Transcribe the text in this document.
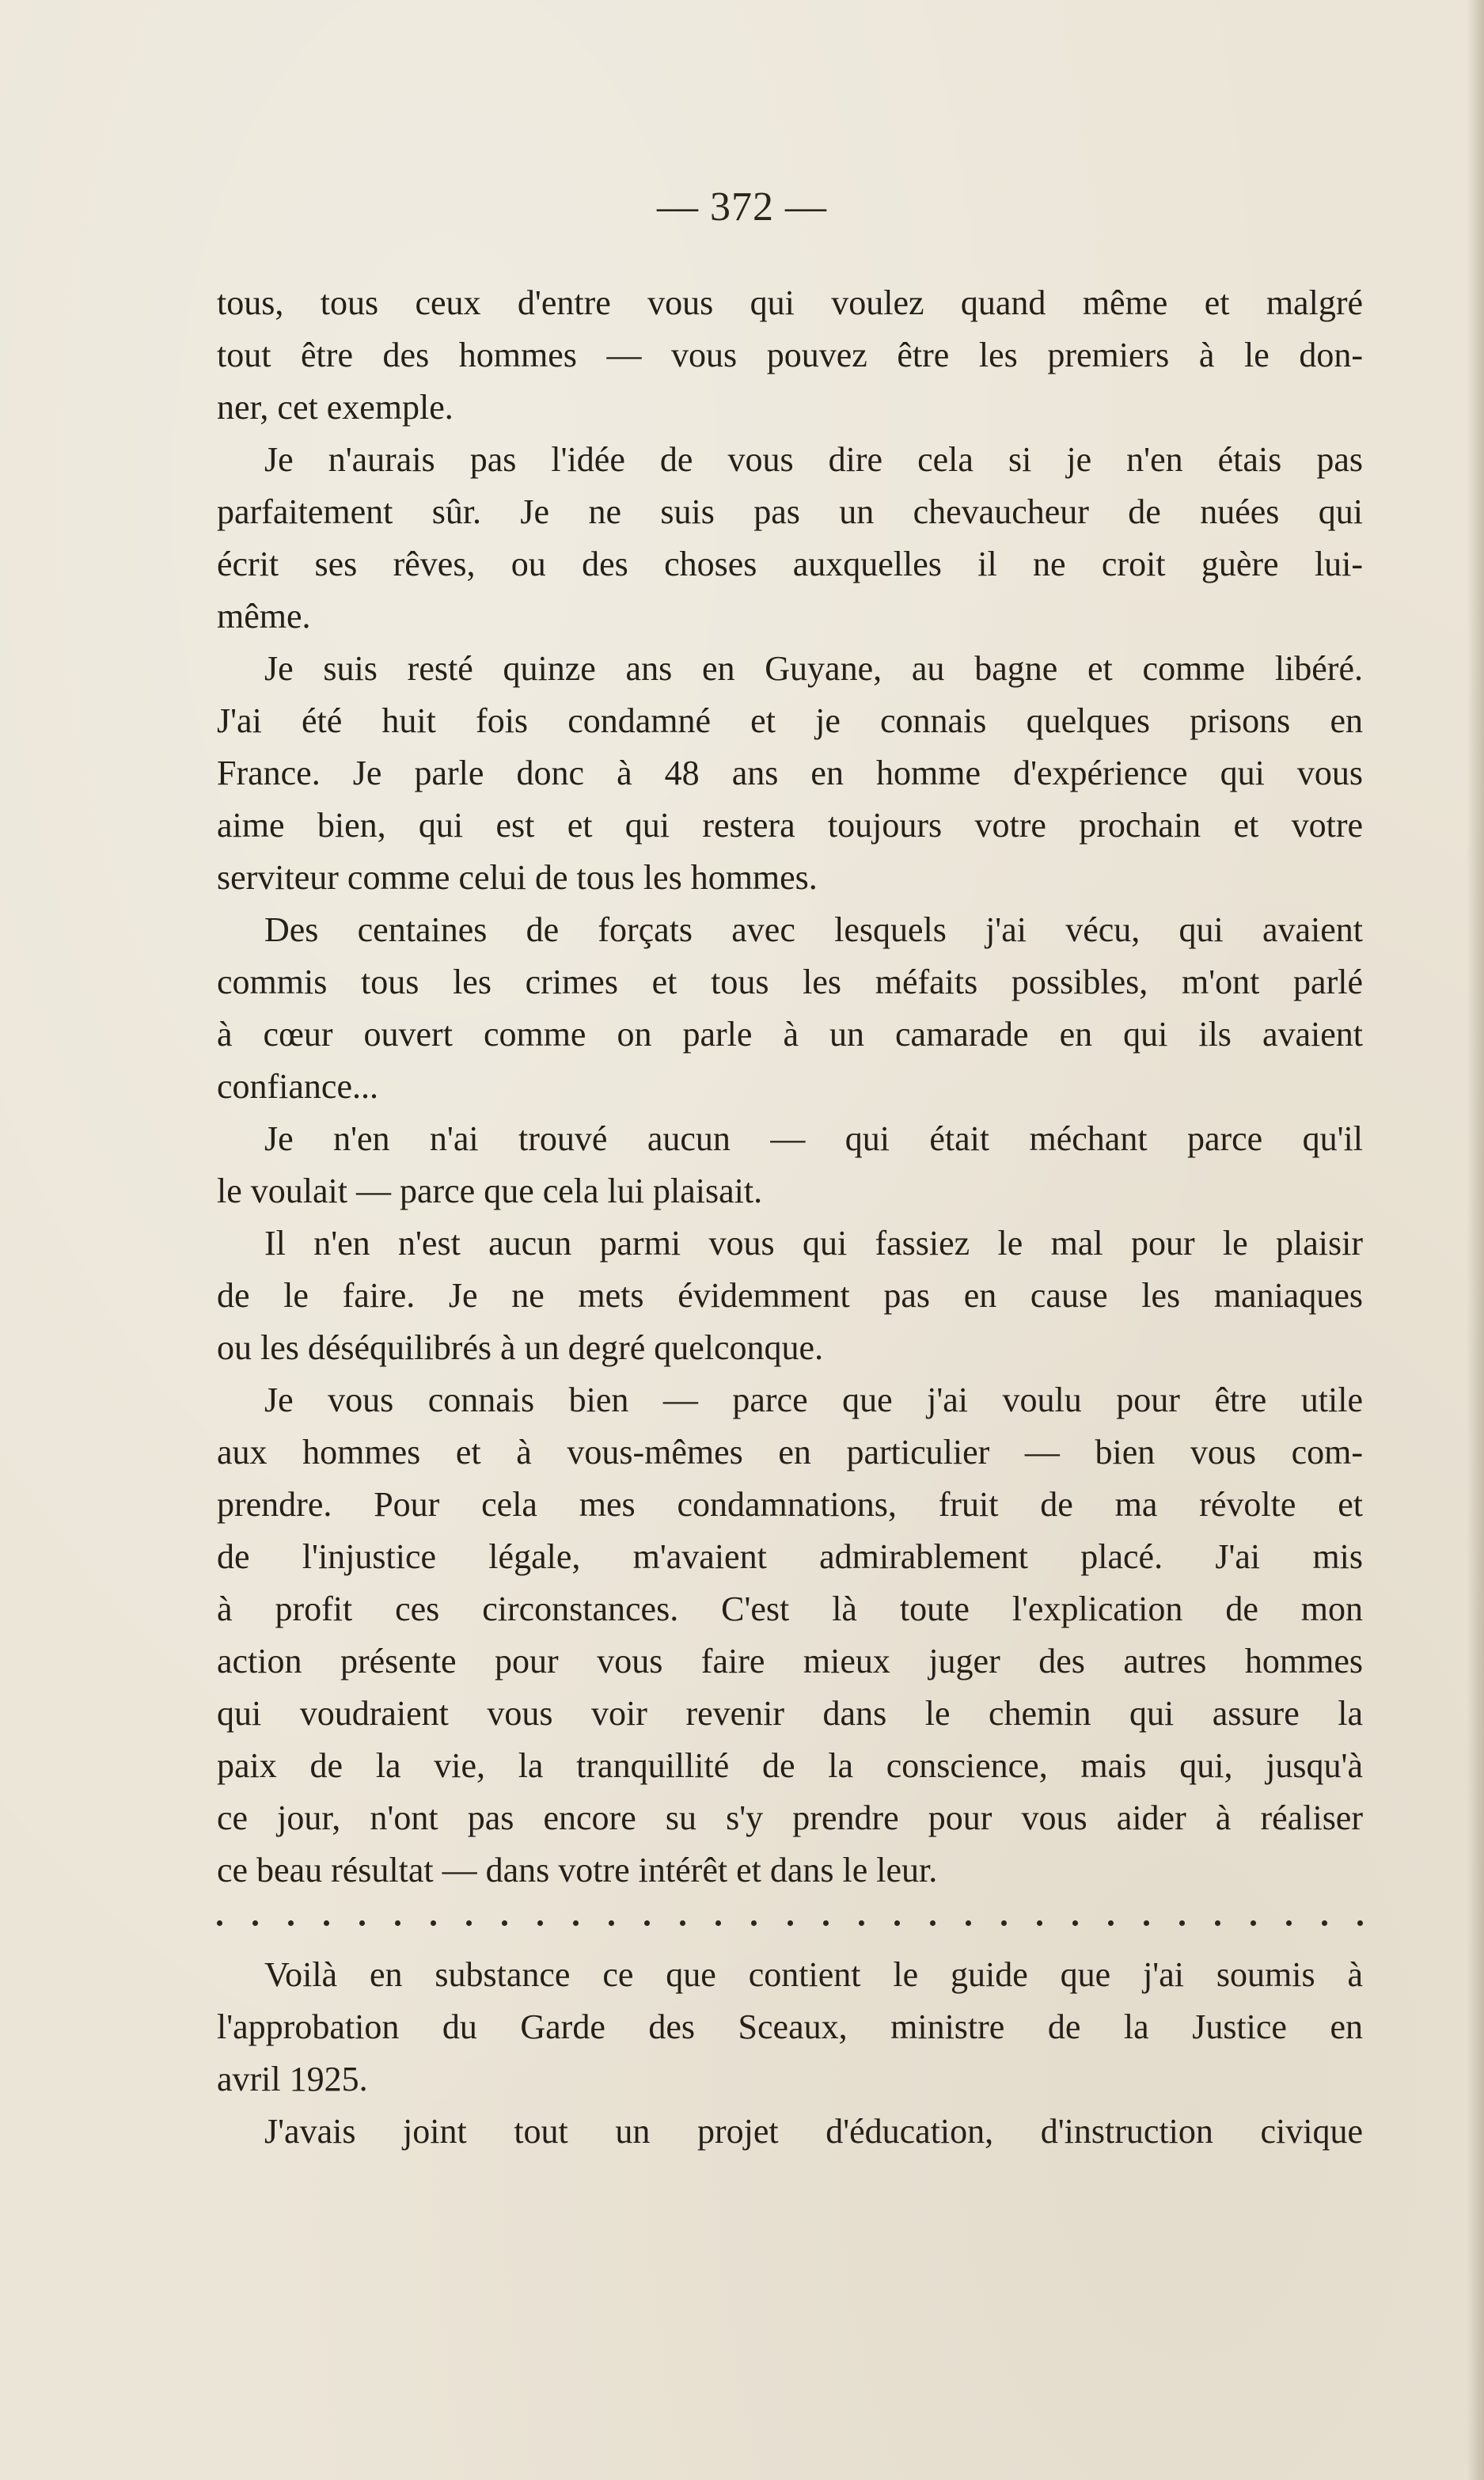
— 372 —
tous, tous ceux d'entre vous qui voulez quand même et malgré
tout être des hommes — vous pouvez être les premiers à le don-
ner, cet exemple.
Je n'aurais pas l'idée de vous dire cela si je n'en étais pas
parfaitement sûr. Je ne suis pas un chevaucheur de nuées qui
écrit ses rêves, ou des choses auxquelles il ne croit guère lui-
même.
Je suis resté quinze ans en Guyane, au bagne et comme libéré.
J'ai été huit fois condamné et je connais quelques prisons en
France. Je parle donc à 48 ans en homme d'expérience qui vous
aime bien, qui est et qui restera toujours votre prochain et votre
serviteur comme celui de tous les hommes.
Des centaines de forçats avec lesquels j'ai vécu, qui avaient
commis tous les crimes et tous les méfaits possibles, m'ont parlé
à cœur ouvert comme on parle à un camarade en qui ils avaient
confiance...
Je n'en n'ai trouvé aucun — qui était méchant parce qu'il
le voulait — parce que cela lui plaisait.
Il n'en n'est aucun parmi vous qui fassiez le mal pour le plaisir
de le faire. Je ne mets évidemment pas en cause les maniaques
ou les déséquilibrés à un degré quelconque.
Je vous connais bien — parce que j'ai voulu pour être utile
aux hommes et à vous-mêmes en particulier — bien vous com-
prendre. Pour cela mes condamnations, fruit de ma révolte et
de l'injustice légale, m'avaient admirablement placé. J'ai mis
à profit ces circonstances. C'est là toute l'explication de mon
action présente pour vous faire mieux juger des autres hommes
qui voudraient vous voir revenir dans le chemin qui assure la
paix de la vie, la tranquillité de la conscience, mais qui, jusqu'à
ce jour, n'ont pas encore su s'y prendre pour vous aider à réaliser
ce beau résultat — dans votre intérêt et dans le leur.
Voilà en substance ce que contient le guide que j'ai soumis à
l'approbation du Garde des Sceaux, ministre de la Justice en
avril 1925.
J'avais joint tout un projet d'éducation, d'instruction civique
